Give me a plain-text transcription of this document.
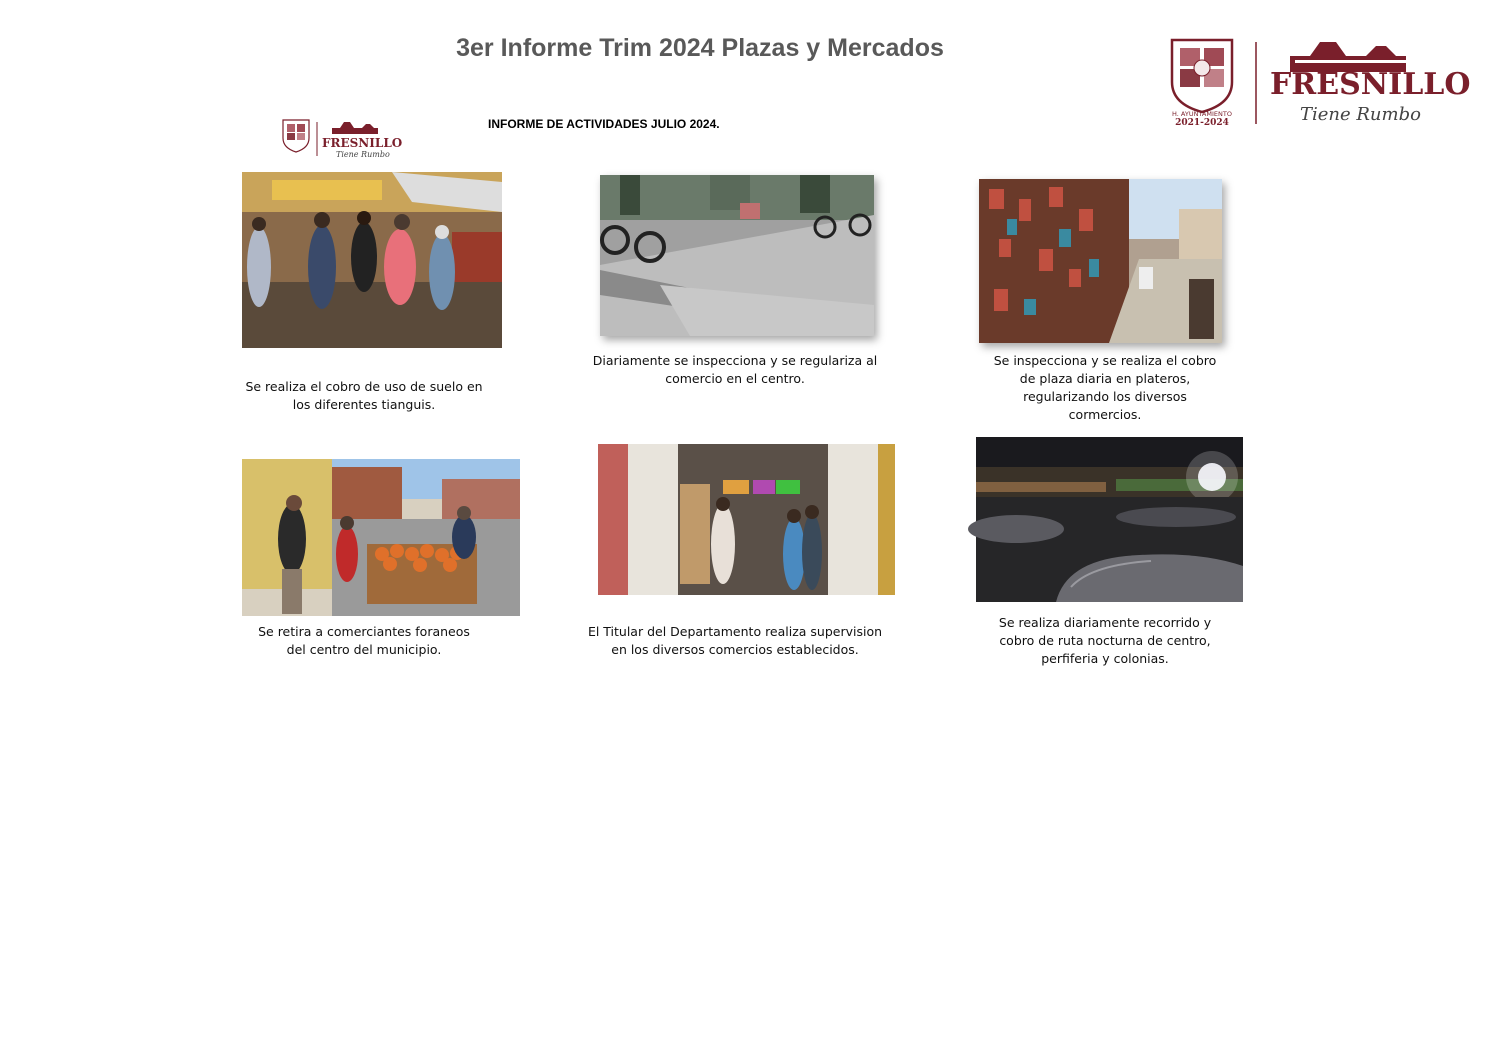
3er Informe Trim 2024 Plazas y Mercados
H. AYUNTAMIENTO
2021-2024
FRESNILLO
Tiene Rumbo
FRESNILLO
Tiene Rumbo
INFORME DE ACTIVIDADES JULIO 2024.
Se realiza el cobro de uso de suelo en los diferentes tianguis.
Diariamente se inspecciona y se regulariza al comercio en el centro.
Se inspecciona y se realiza el cobro de plaza diaria en plateros, regularizando los diversos cormercios.
Se retira a comerciantes foraneos del centro del municipio.
El Titular del Departamento realiza supervision en los diversos comercios establecidos.
Se realiza diariamente recorrido y cobro de ruta nocturna de centro, perfiferia y colonias.
